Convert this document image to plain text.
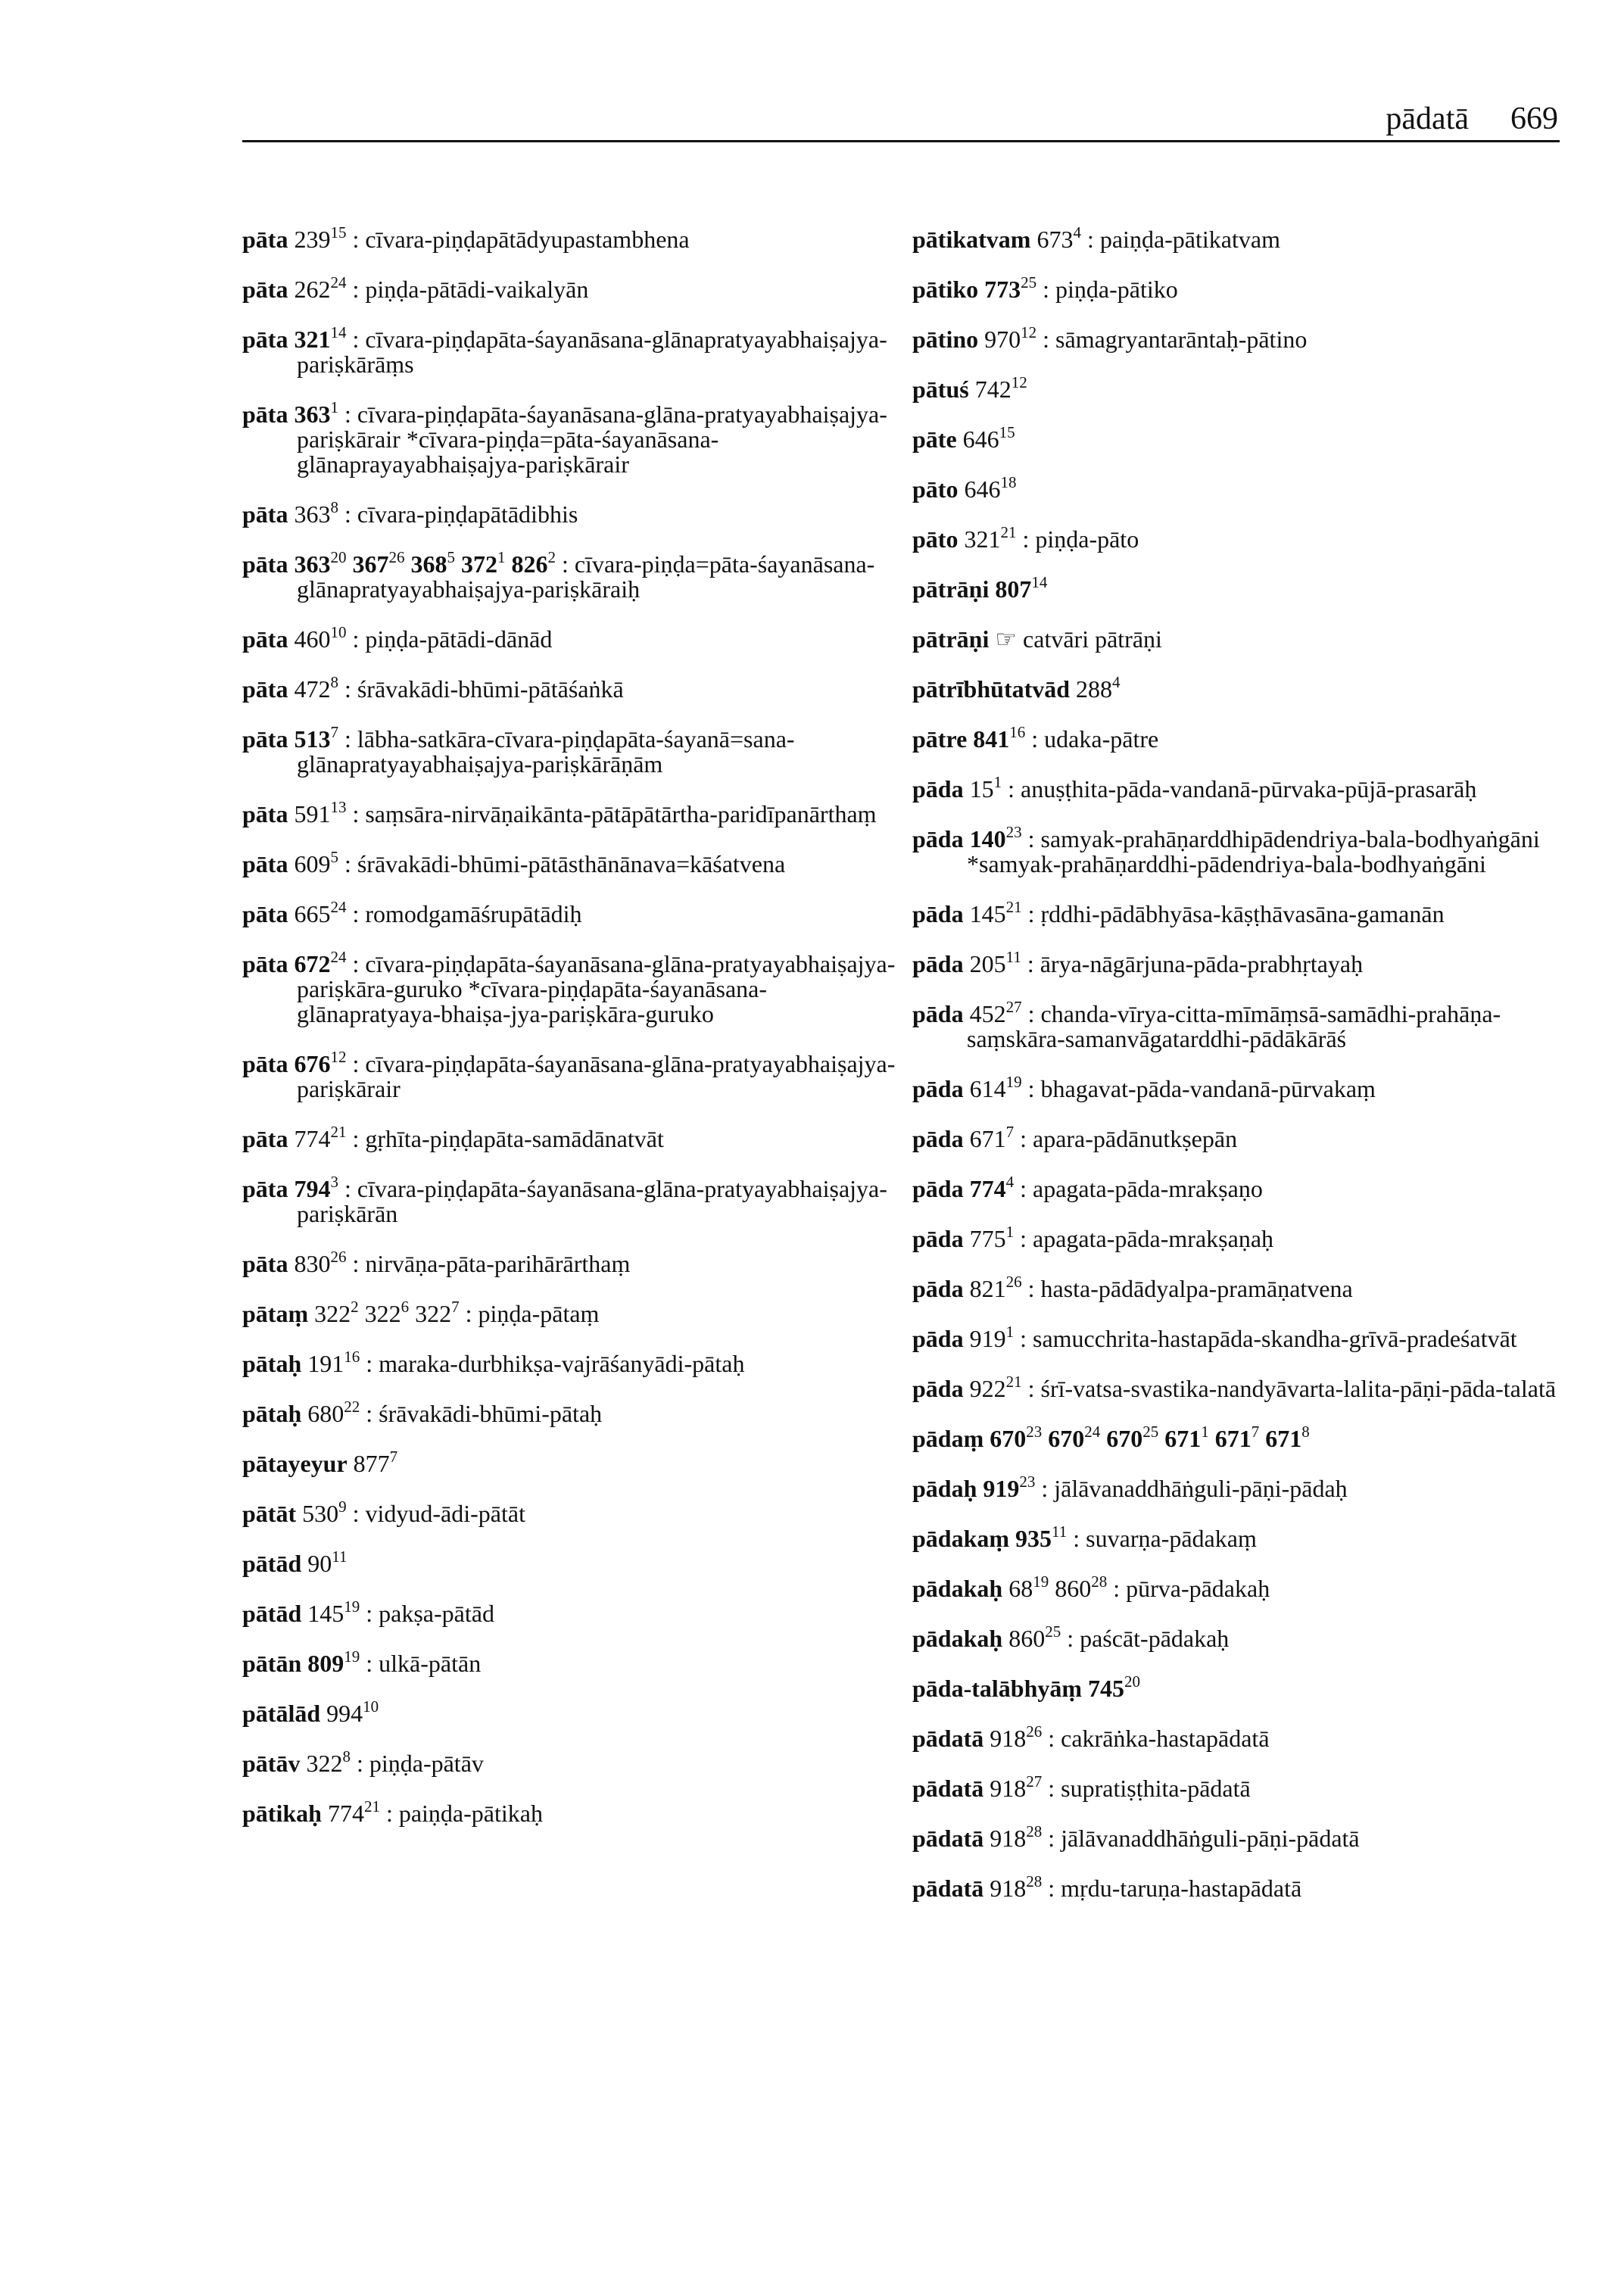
pādatā 669
pāta $239^{15}$ : cīvara-piṇḍapātādyupastambhena
pāta $262^{24}$ : piṇḍa-pātādi-vaikalyān
pāta $321^{14}$ : cīvara-piṇḍapāta-śayanāsana-glānapratyayabhaiṣajya-pariṣkārāṃs
pāta $363^1$ : cīvara-piṇḍapāta-śayanāsana-glāna-pratyayabhaiṣajya-pariṣkārair *cīvara-piṇḍa=pāta-śayanāsana-glānaprayayabhaiṣajya-pariṣkārair
pāta $363^8$ : cīvara-piṇḍapātādibhis
pāta $363^{20}$ $367^{26}$ $368^5$ $372^1$ $826^2$ : cīvara-piṇḍa=pāta-śayanāsana-glānapratyayabhaiṣajya-pariṣkāraiḥ
pāta $460^{10}$ : piṇḍa-pātādi-dānād
pāta $472^8$ : śrāvakādi-bhūmi-pātāśaṅkā
pāta $513^7$ : lābha-satkāra-cīvara-piṇḍapāta-śayanā=sana-glānapratyayabhaiṣajya-pariṣkārāṇām
pāta $591^{13}$ : saṃsāra-nirvāṇaikānta-pātāpātārtha-paridīpanārthaṃ
pāta $609^5$ : śrāvakādi-bhūmi-pātāsthānānava=kāśatvena
pāta $665^{24}$ : romodgamāśrupātādiḥ
pāta $672^{24}$ : cīvara-piṇḍapāta-śayanāsana-glāna-pratyayabhaiṣajya-pariṣkāra-guruko *cīvara-piṇḍapāta-śayanāsana-glānapratyaya-bhaiṣa-jya-pariṣkāra-guruko
pāta $676^{12}$ : cīvara-piṇḍapāta-śayanāsana-glāna-pratyayabhaiṣajya-pariṣkārair
pāta $774^{21}$ : gṛhīta-piṇḍapāta-samādānatvāt
pāta $794^3$ : cīvara-piṇḍapāta-śayanāsana-glāna-pratyayabhaiṣajya-pariṣkārān
pāta $830^{26}$ : nirvāṇa-pāta-parihārārthaṃ
pātaṃ $322^2$ $322^6$ $322^7$ : piṇḍa-pātaṃ
pātaḥ $191^{16}$ : maraka-durbhikṣa-vajrāśanyādi-pātaḥ
pātaḥ $680^{22}$ : śrāvakādi-bhūmi-pātaḥ
pātayeyur $877^7$
pātāt $530^9$ : vidyud-ādi-pātāt
pātād $90^{11}$
pātād $145^{19}$ : pakṣa-pātād
pātān $809^{19}$ : ulkā-pātān
pātālād $994^{10}$
pātāv $322^8$ : piṇḍa-pātāv
pātikaḥ $774^{21}$ : paiṇḍa-pātikaḥ
pātikatvam $673^4$ : paiṇḍa-pātikatvam
pātiko $773^{25}$ : piṇḍa-pātiko
pātino $970^{12}$ : sāmagryantarāntaḥ-pātino
pātuś $742^{12}$
pāte $646^{15}$
pāto $646^{18}$
pāto $321^{21}$ : piṇḍa-pāto
pātrāṇi $807^{14}$
pātrāṇi ☞ catvāri pātrāṇi
pātrībhūtatvād $288^4$
pātre $841^{16}$ : udaka-pātre
pāda $15^1$ : anuṣṭhita-pāda-vandanā-pūrvaka-pūjā-prasarāḥ
pāda $140^{23}$ : samyak-prahāṇarddhipādendriya-bala-bodhyaṅgāni *samyak-prahāṇarddhi-pādendriya-bala-bodhyaṅgāni
pāda $145^{21}$ : ṛddhi-pādābhyāsa-kāṣṭhāvasāna-gamanān
pāda $205^{11}$ : ārya-nāgārjuna-pāda-prabhṛtayaḥ
pāda $452^{27}$ : chanda-vīrya-citta-mīmāṃsā-samādhi-prahāṇa-saṃskāra-samanvāgatarddhi-pādākārāś
pāda $614^{19}$ : bhagavat-pāda-vandanā-pūrvakaṃ
pāda $671^7$ : apara-pādānutkṣepān
pāda $774^4$ : apagata-pāda-mrakṣaṇo
pāda $775^1$ : apagata-pāda-mrakṣaṇaḥ
pāda $821^{26}$ : hasta-pādādyalpa-pramāṇatvena
pāda $919^1$ : samucchrita-hastapāda-skandha-grīvā-pradeśatvāt
pāda $922^{21}$ : śrī-vatsa-svastika-nandyāvarta-lalita-pāṇi-pāda-talatā
pādaṃ $670^{23}$ $670^{24}$ $670^{25}$ $671^1$ $671^7$ $671^8$
pādaḥ $919^{23}$ : jālāvanaddhāṅguli-pāṇi-pādaḥ
pādakaṃ $935^{11}$ : suvarṇa-pādakaṃ
pādakaḥ $68^{19}$ $860^{28}$ : pūrva-pādakaḥ
pādakaḥ $860^{25}$ : paścāt-pādakaḥ
pāda-talābhyāṃ $745^{20}$
pādatā $918^{26}$ : cakrāṅka-hastapādatā
pādatā $918^{27}$ : supratiṣṭhita-pādatā
pādatā $918^{28}$ : jālāvanaddhāṅguli-pāṇi-pādatā
pādatā $918^{28}$ : mṛdu-taruṇa-hastapādatā
